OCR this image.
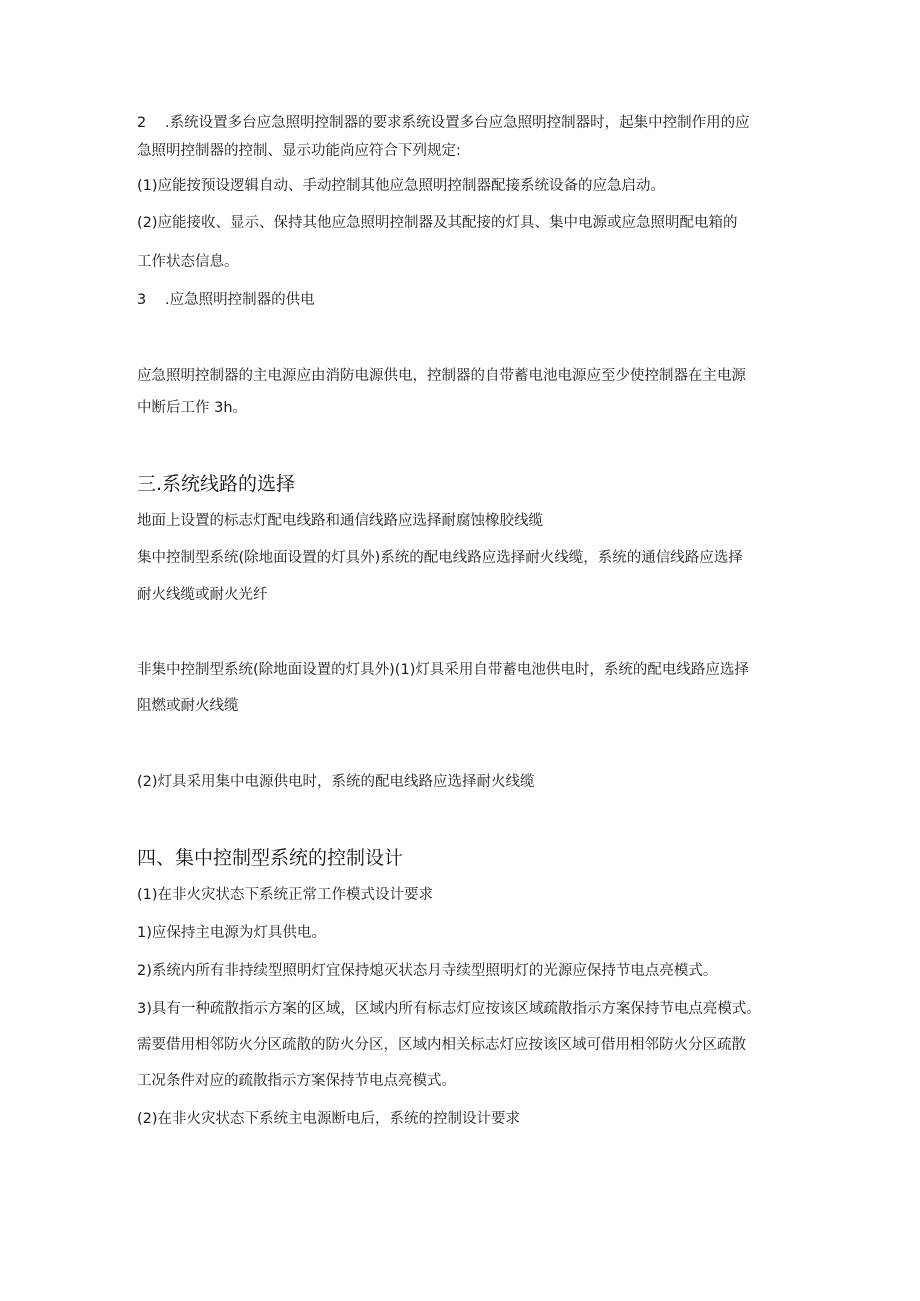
2 .系统设置多台应急照明控制器的要求系统设置多台应急照明控制器时，起集中控制作用的应
急照明控制器的控制、显示功能尚应符合下列规定:
(1)应能按预设逻辑自动、手动控制其他应急照明控制器配接系统设备的应急启动。
(2)应能接收、显示、保持其他应急照明控制器及其配接的灯具、集中电源或应急照明配电箱的
工作状态信息。
3 .应急照明控制器的供电
应急照明控制器的主电源应由消防电源供电，控制器的自带蓄电池电源应至少使控制器在主电源
中断后工作 3h。
三.系统线路的选择
地面上设置的标志灯配电线路和通信线路应选择耐腐蚀橡胶线缆
集中控制型系统(除地面设置的灯具外)系统的配电线路应选择耐火线缆，系统的通信线路应选择
耐火线缆或耐火光纤
非集中控制型系统(除地面设置的灯具外)(1)灯具采用自带蓄电池供电时，系统的配电线路应选择
阻燃或耐火线缆
(2)灯具采用集中电源供电时，系统的配电线路应选择耐火线缆
四、集中控制型系统的控制设计
(1)在非火灾状态下系统正常工作模式设计要求
1)应保持主电源为灯具供电。
2)系统内所有非持续型照明灯宜保持熄灭状态月寺续型照明灯的光源应保持节电点亮模式。
3)具有一种疏散指示方案的区域，区域内所有标志灯应按该区域疏散指示方案保持节电点亮模式。
需要借用相邻防火分区疏散的防火分区，区域内相关标志灯应按该区域可借用相邻防火分区疏散
工况条件对应的疏散指示方案保持节电点亮模式。
(2)在非火灾状态下系统主电源断电后，系统的控制设计要求
